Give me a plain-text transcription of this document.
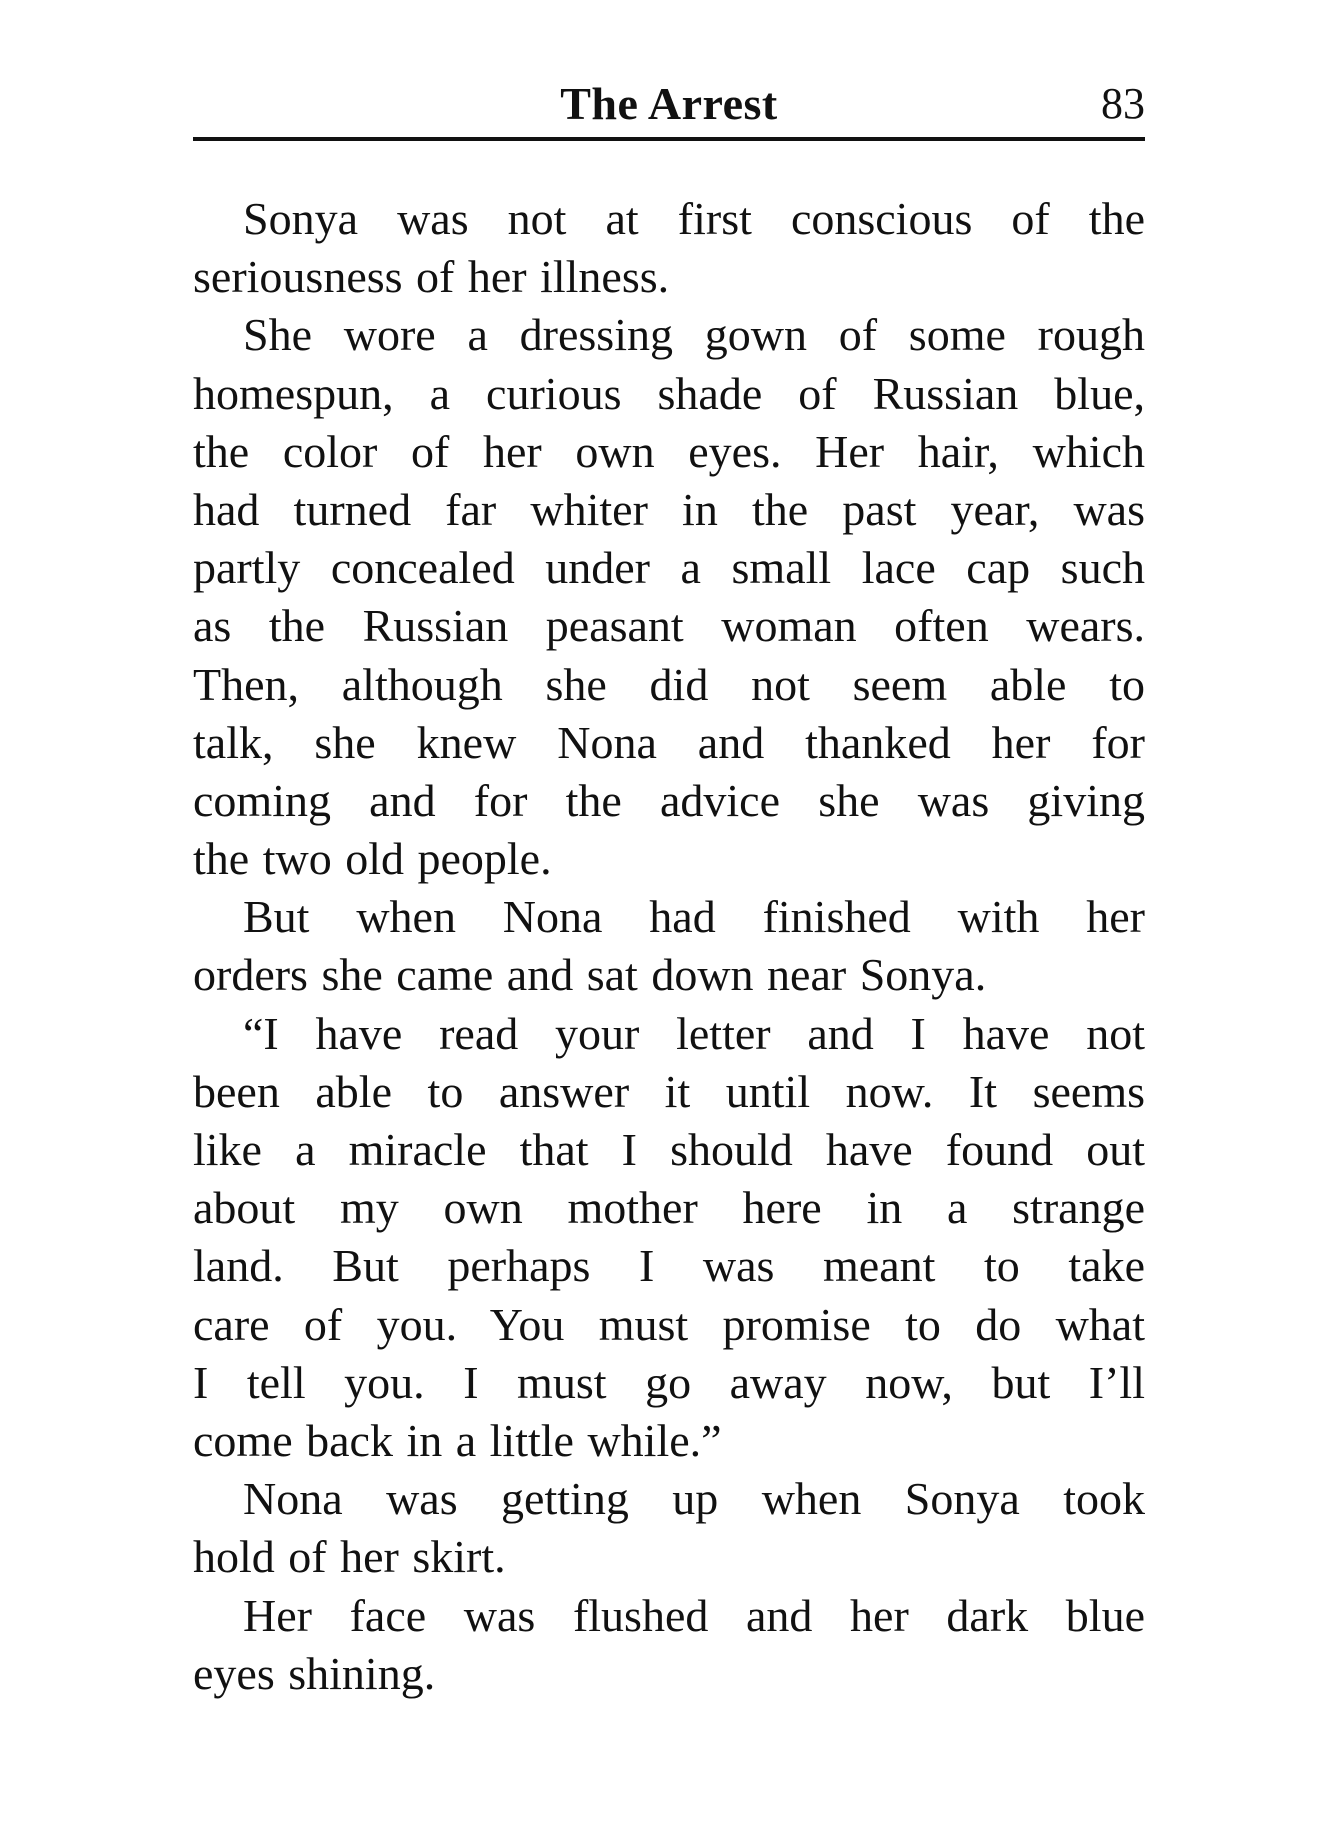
The Arrest	83
Sonya was not at first conscious of the
seriousness of her illness.
She wore a dressing gown of some rough
homespun, a curious shade of Russian blue,
the color of her own eyes. Her hair, which
had turned far whiter in the past year, was
partly concealed under a small lace cap such
as the Russian peasant woman often wears.
Then, although she did not seem able to
talk, she knew Nona and thanked her for
coming and for the advice she was giving
the two old people.
But when Nona had finished with her
orders she came and sat down near Sonya.
“I have read your letter and I have not
been able to answer it until now. It seems
like a miracle that I should have found out
about my own mother here in a strange
land. But perhaps I was meant to take
care of you. You must promise to do what
I tell you. I must go away now, but I’ll
come back in a little while.”
Nona was getting up when Sonya took
hold of her skirt.
Her face was flushed and her dark blue
eyes shining.
